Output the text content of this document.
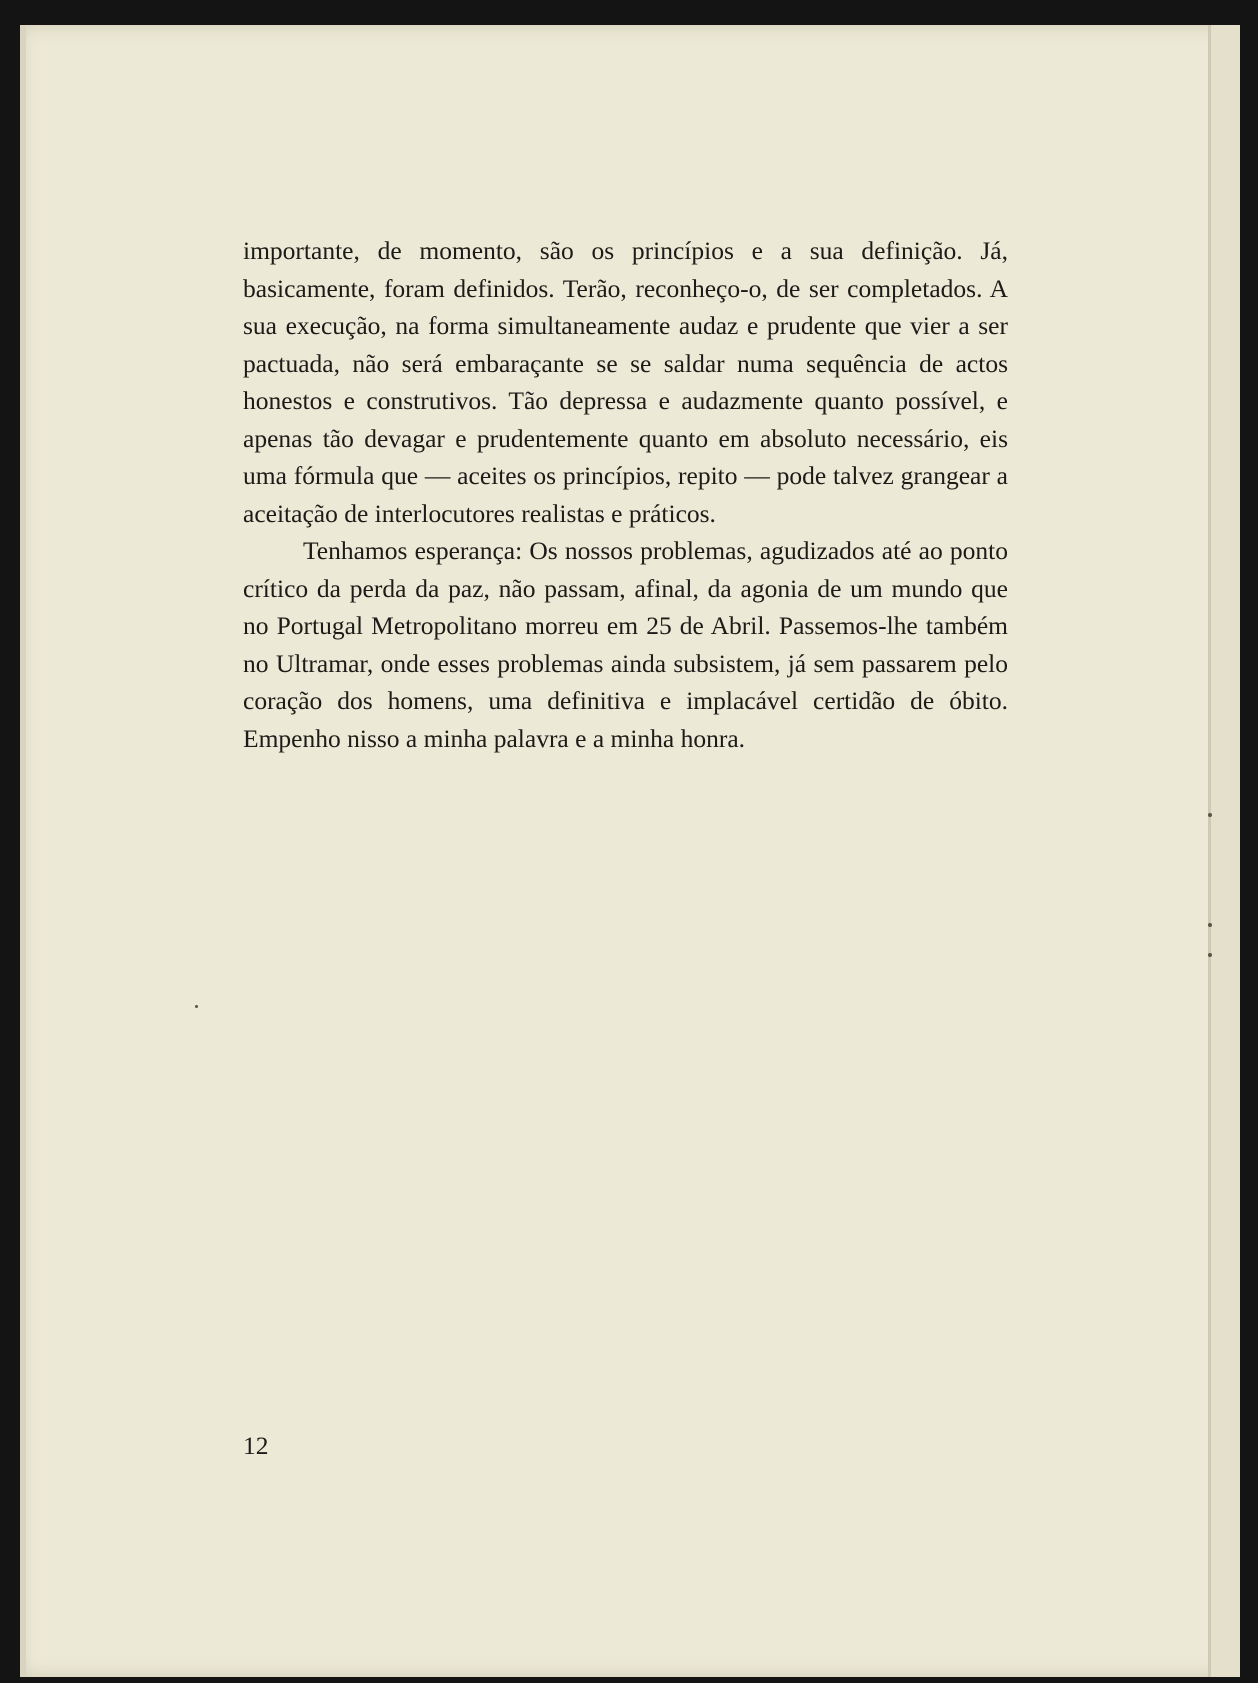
importante, de momento, são os princípios e a sua definição. Já, basicamente, foram definidos. Terão, reconheço-o, de ser completados. A sua execução, na forma simultaneamente audaz e prudente que vier a ser pactuada, não será embaraçante se se saldar numa sequência de actos honestos e construtivos. Tão depressa e audazmente quanto possível, e apenas tão devagar e prudentemente quanto em absoluto necessário, eis uma fórmula que — aceites os princípios, repito — pode talvez grangear a aceitação de interlocutores realistas e práticos.

Tenhamos esperança: Os nossos problemas, agudizados até ao ponto crítico da perda da paz, não passam, afinal, da agonia de um mundo que no Portugal Metropolitano morreu em 25 de Abril. Passemos-lhe também no Ultramar, onde esses problemas ainda subsistem, já sem passarem pelo coração dos homens, uma definitiva e implacável certidão de óbito. Empenho nisso a minha palavra e a minha honra.

12
